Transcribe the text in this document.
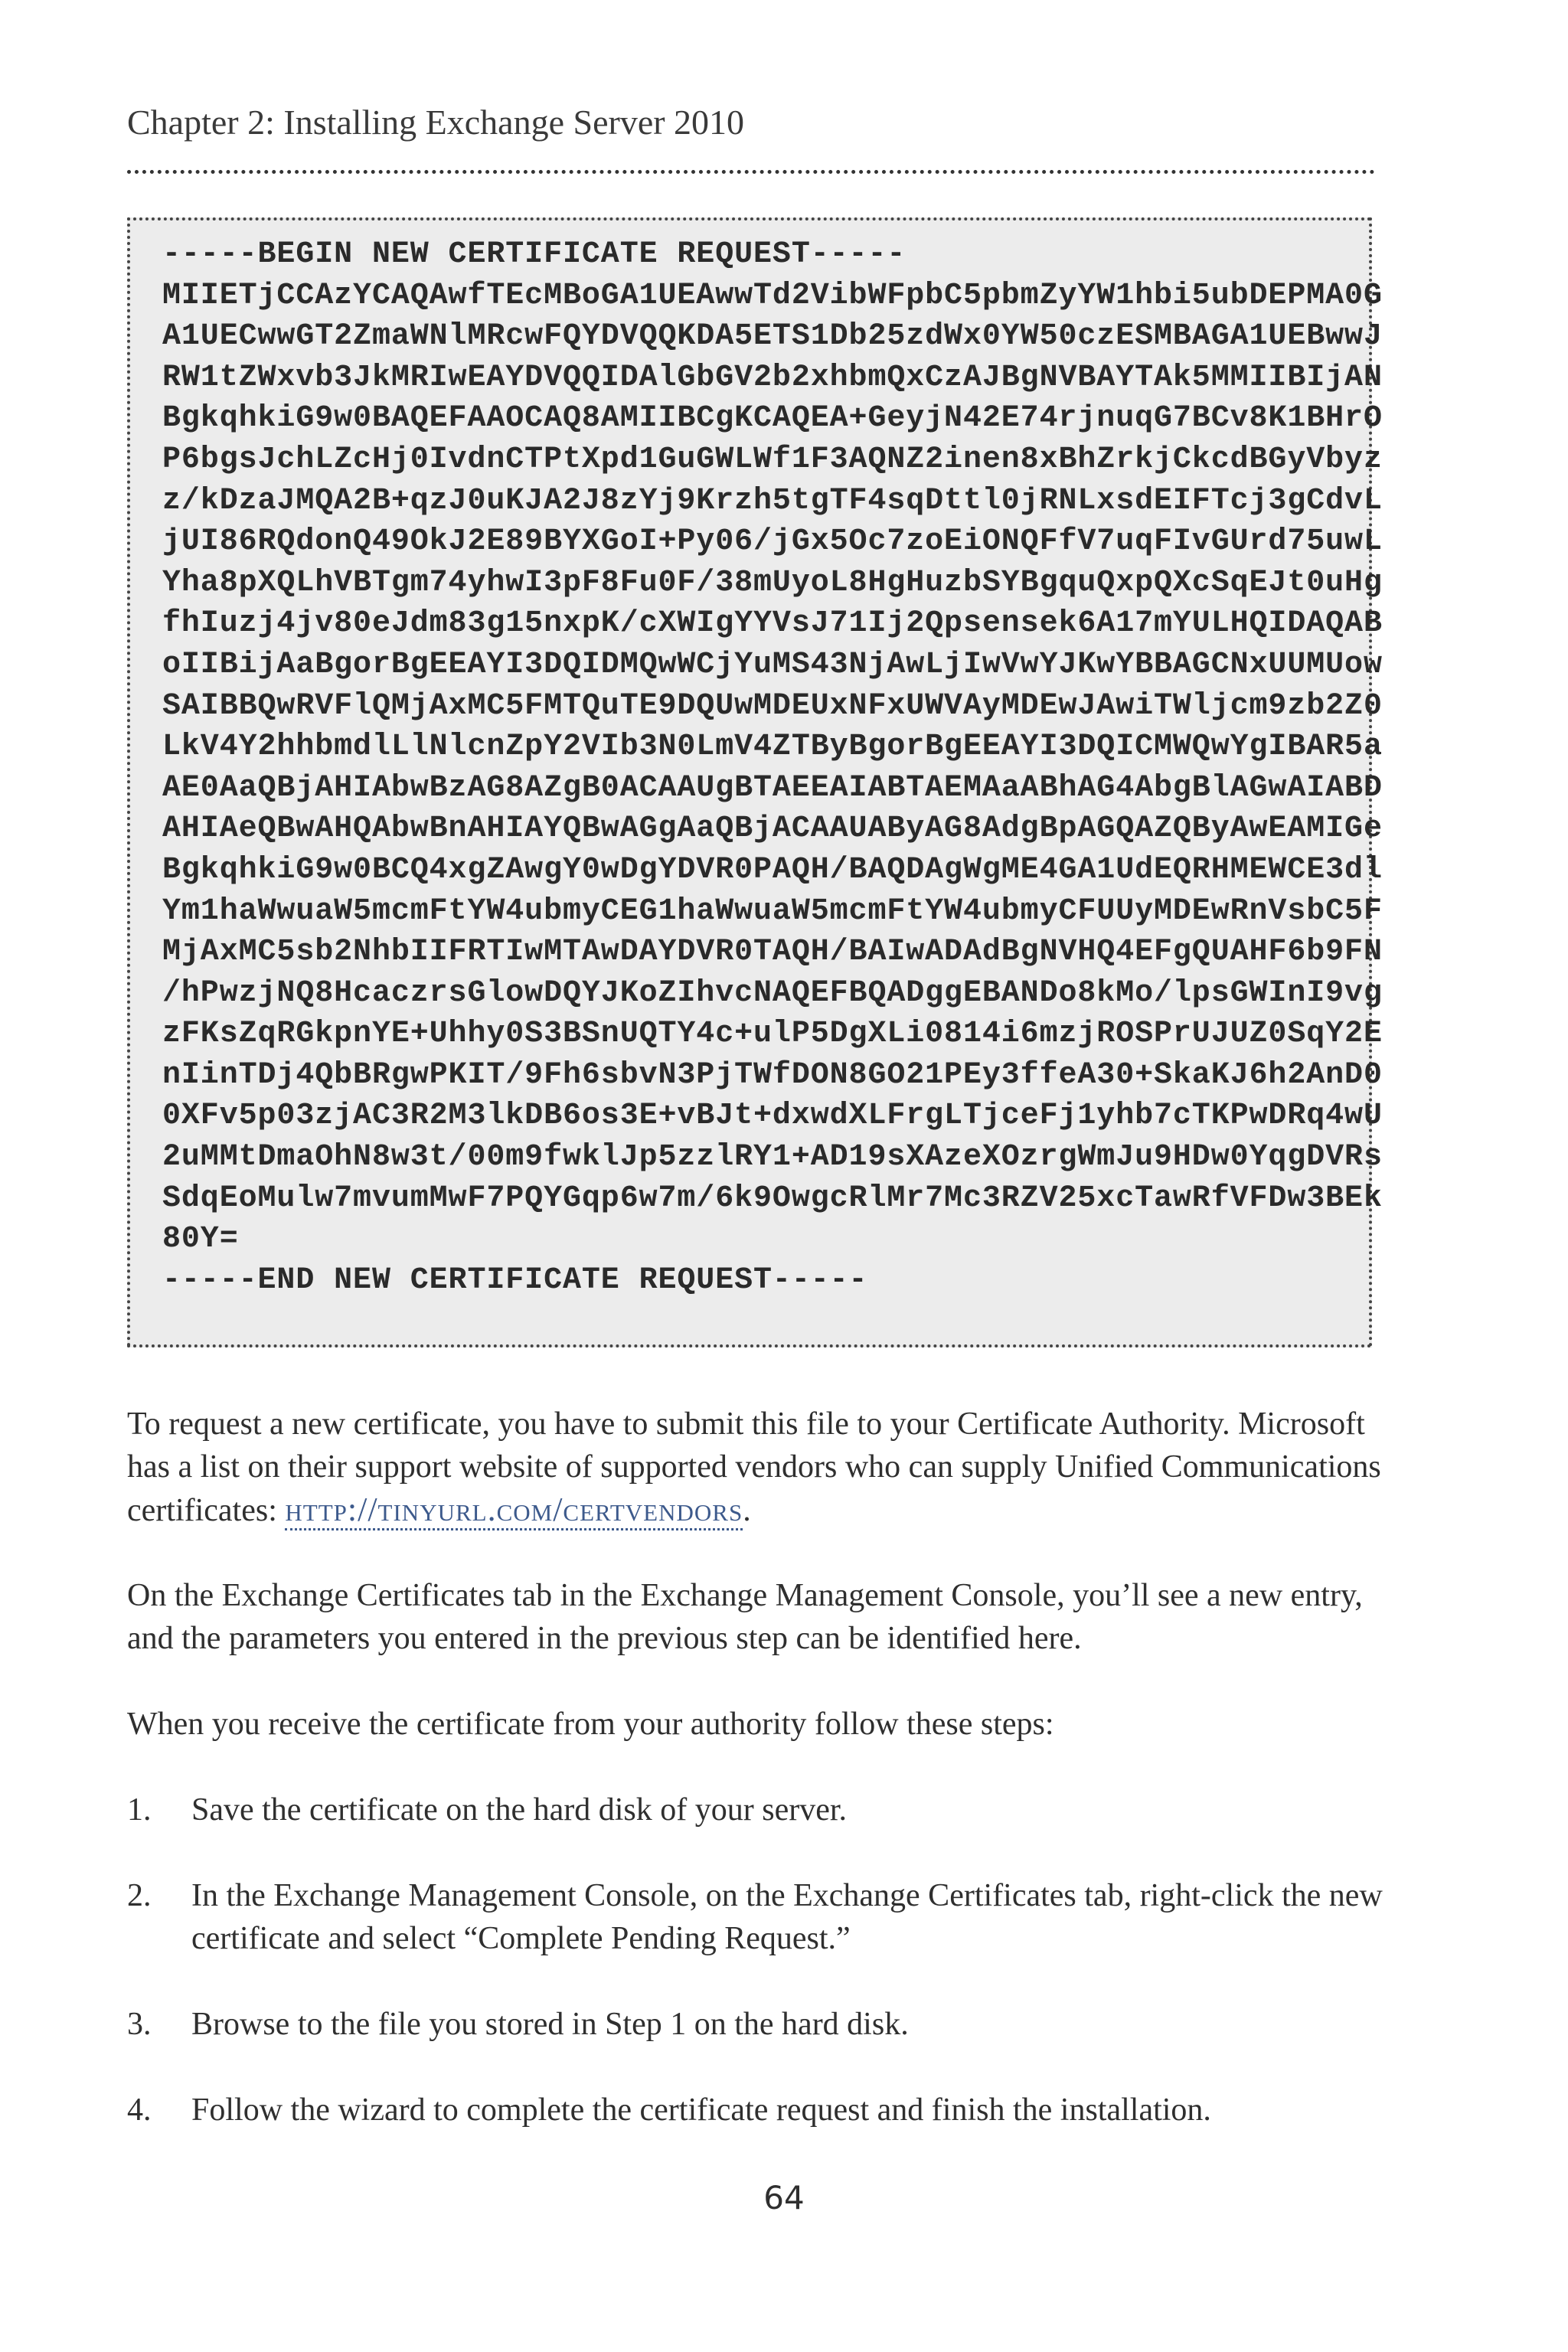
Chapter 2: Installing Exchange Server 2010
-----BEGIN NEW CERTIFICATE REQUEST-----
MIIETjCCAzYCAQAwfTEcMBoGA1UEAwwTd2VibWFpbC5pbmZyYW1hbi5ubDEPMA0G
A1UECwwGT2ZmaWNlMRcwFQYDVQQKDA5ETS1Db25zdWx0YW50czESMBAGA1UEBwwJ
RW1tZWxvb3JkMRIwEAYDVQQIDAlGbGV2b2xhbmQxCzAJBgNVBAYTAk5MMIIBIjAN
BgkqhkiG9w0BAQEFAAOCAQ8AMIIBCgKCAQEA+GeyjN42E74rjnuqG7BCv8K1BHrO
P6bgsJchLZcHj0IvdnCTPtXpd1GuGWLWf1F3AQNZ2inen8xBhZrkjCkcdBGyVbyz
z/kDzaJMQA2B+qzJ0uKJA2J8zYj9Krzh5tgTF4sqDttl0jRNLxsdEIFTcj3gCdvL
jUI86RQdonQ49OkJ2E89BYXGoI+Py06/jGx5Oc7zoEiONQFfV7uqFIvGUrd75uwL
Yha8pXQLhVBTgm74yhwI3pF8Fu0F/38mUyoL8HgHuzbSYBgquQxpQXcSqEJt0uHg
fhIuzj4jv80eJdm83g15nxpK/cXWIgYYVsJ71Ij2Qpsensek6A17mYULHQIDAQAB
oIIBijAaBgorBgEEAYI3DQIDMQwWCjYuMS43NjAwLjIwVwYJKwYBBAGCNxUUMUow
SAIBBQwRVFlQMjAxMC5FMTQuTE9DQUwMDEUxNFxUWVAyMDEwJAwiTWljcm9zb2Z0
LkV4Y2hhbmdlLlNlcnZpY2VIb3N0LmV4ZTByBgorBgEEAYI3DQICMWQwYgIBAR5a
AE0AaQBjAHIAbwBzAG8AZgB0ACAAUgBTAEEAIABTAEMAaABhAG4AbgBlAGwAIABD
AHIAeQBwAHQAbwBnAHIAYQBwAGgAaQBjACAAUAByAG8AdgBpAGQAZQByAwEAMIGe
BgkqhkiG9w0BCQ4xgZAwgY0wDgYDVR0PAQH/BAQDAgWgME4GA1UdEQRHMEWCE3dl
Ym1haWwuaW5mcmFtYW4ubmyCEG1haWwuaW5mcmFtYW4ubmyCFUUyMDEwRnVsbC5F
MjAxMC5sb2NhbIIFRTIwMTAwDAYDVR0TAQH/BAIwADAdBgNVHQ4EFgQUAHF6b9FN
/hPwzjNQ8HcaczrsGlowDQYJKoZIhvcNAQEFBQADggEBANDo8kMo/lpsGWInI9vg
zFKsZqRGkpnYE+Uhhy0S3BSnUQTY4c+ulP5DgXLi0814i6mzjROSPrUJUZ0SqY2E
nIinTDj4QbBRgwPKIT/9Fh6sbvN3PjTWfDON8GO21PEy3ffeA30+SkaKJ6h2AnD0
0XFv5p03zjAC3R2M3lkDB6os3E+vBJt+dxwdXLFrgLTjceFj1yhb7cTKPwDRq4wU
2uMMtDmaOhN8w3t/00m9fwklJp5zzlRY1+AD19sXAzeXOzrgWmJu9HDw0YqgDVRs
SdqEoMulw7mvumMwF7PQYGqp6w7m/6k9OwgcRlMr7Mc3RZV25xcTawRfVFDw3BEk
80Y=
-----END NEW CERTIFICATE REQUEST-----

To request a new certificate, you have to submit this file to your Certificate Authority. Microsoft has a list on their support website of supported vendors who can supply Unified Communications certificates: http://tinyurl.com/certvendors.

On the Exchange Certificates tab in the Exchange Management Console, you’ll see a new entry, and the parameters you entered in the previous step can be identified here.
When you receive the certificate from your authority follow these steps:
1. Save the certificate on the hard disk of your server.
2. In the Exchange Management Console, on the Exchange Certificates tab, right-click the new certificate and select “Complete Pending Request.”
3. Browse to the file you stored in Step 1 on the hard disk.
4. Follow the wizard to complete the certificate request and finish the installation.
64
